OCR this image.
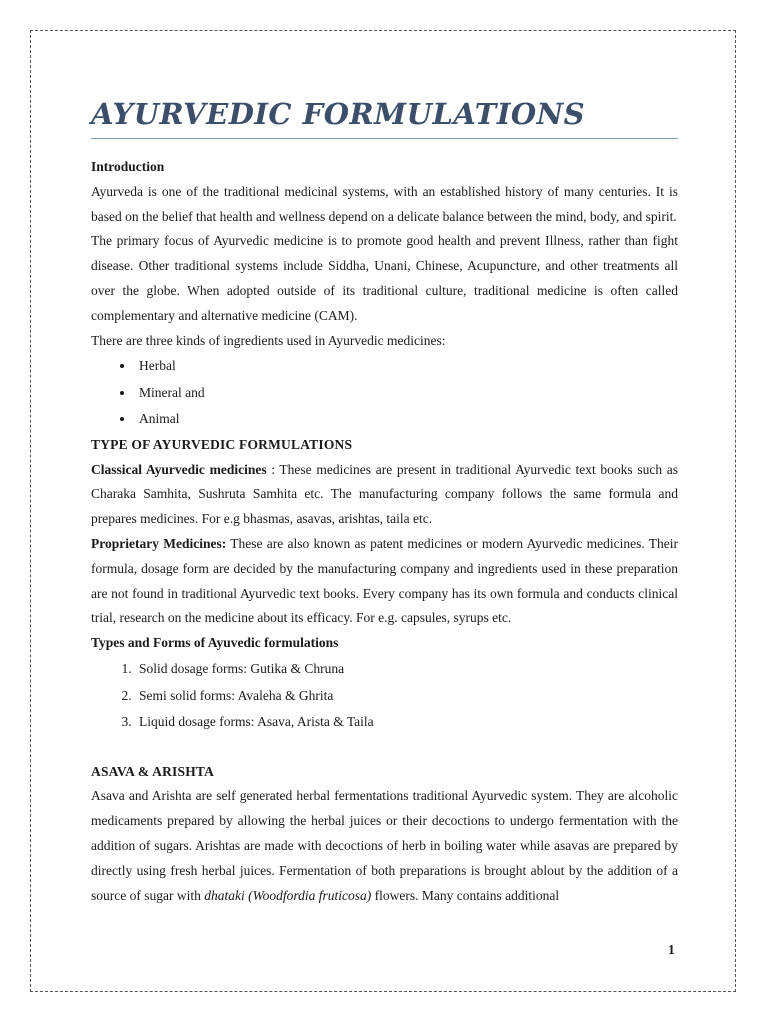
AYURVEDIC FORMULATIONS
Introduction

Ayurveda is one of the traditional medicinal systems, with an established history of many centuries. It is based on the belief that health and wellness depend on a delicate balance between the mind, body, and spirit.

The primary focus of Ayurvedic medicine is to promote good health and prevent Illness, rather than fight disease. Other traditional systems include Siddha, Unani, Chinese, Acupuncture, and other treatments all over the globe. When adopted outside of its traditional culture, traditional medicine is often called complementary and alternative medicine (CAM).

There are three kinds of ingredients used in Ayurvedic medicines:

• Herbal
• Mineral and
• Animal
TYPE OF AYURVEDIC FORMULATIONS

Classical Ayurvedic medicines : These medicines are present in traditional Ayurvedic text books such as Charaka Samhita, Sushruta Samhita etc. The manufacturing company follows the same formula and prepares medicines. For e.g bhasmas, asavas, arishtas, taila etc.

Proprietary Medicines: These are also known as patent medicines or modern Ayurvedic medicines. Their formula, dosage form are decided by the manufacturing company and ingredients used in these preparation are not found in traditional Ayurvedic text books. Every company has its own formula and conducts clinical trial, research on the medicine about its efficacy. For e.g. capsules, syrups etc.

Types and Forms of Ayuvedic formulations
1. Solid dosage forms: Gutika & Chruna
2. Semi solid forms: Avaleha & Ghrita
3. Liquid dosage forms: Asava, Arista & Taila
ASAVA & ARISHTA

Asava and Arishta are self generated herbal fermentations traditional Ayurvedic system. They are alcoholic medicaments prepared by allowing the herbal juices or their decoctions to undergo fermentation with the addition of sugars. Arishtas are made with decoctions of herb in boiling water while asavas are prepared by directly using fresh herbal juices. Fermentation of both preparations is brought ablout by the addition of a source of sugar with dhataki (Woodfordia fruticosa) flowers. Many contains additional

1
